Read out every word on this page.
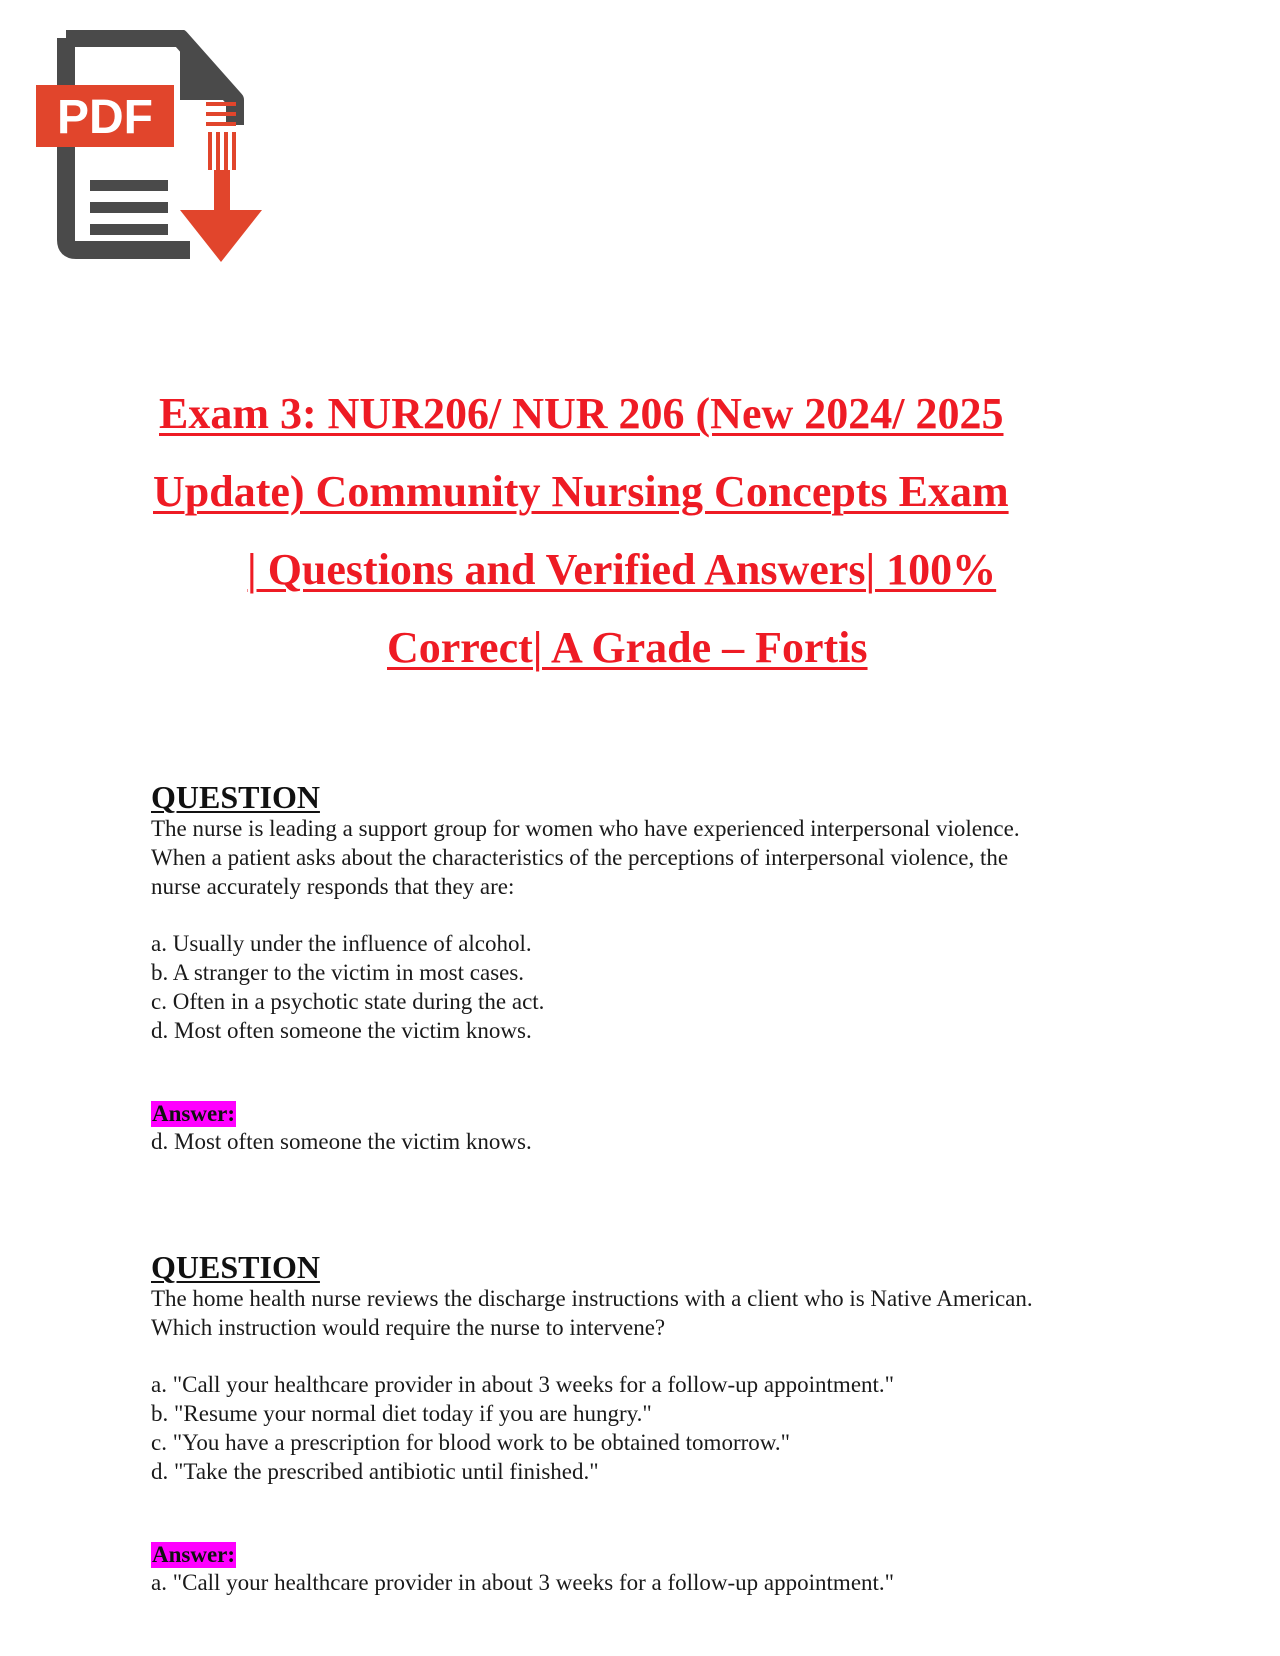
PDF
Exam 3: NUR206/ NUR 206 (New 2024/ 2025
Update) Community Nursing Concepts Exam
| Questions and Verified Answers| 100%
Correct| A Grade – Fortis
QUESTION
The nurse is leading a support group for women who have experienced interpersonal violence.
When a patient asks about the characteristics of the perceptions of interpersonal violence, the
nurse accurately responds that they are:
a. Usually under the influence of alcohol.
b. A stranger to the victim in most cases.
c. Often in a psychotic state during the act.
d. Most often someone the victim knows.
Answer:
d. Most often someone the victim knows.
QUESTION
The home health nurse reviews the discharge instructions with a client who is Native American.
Which instruction would require the nurse to intervene?
a. "Call your healthcare provider in about 3 weeks for a follow-up appointment."
b. "Resume your normal diet today if you are hungry."
c. "You have a prescription for blood work to be obtained tomorrow."
d. "Take the prescribed antibiotic until finished."
Answer:
a. "Call your healthcare provider in about 3 weeks for a follow-up appointment."
